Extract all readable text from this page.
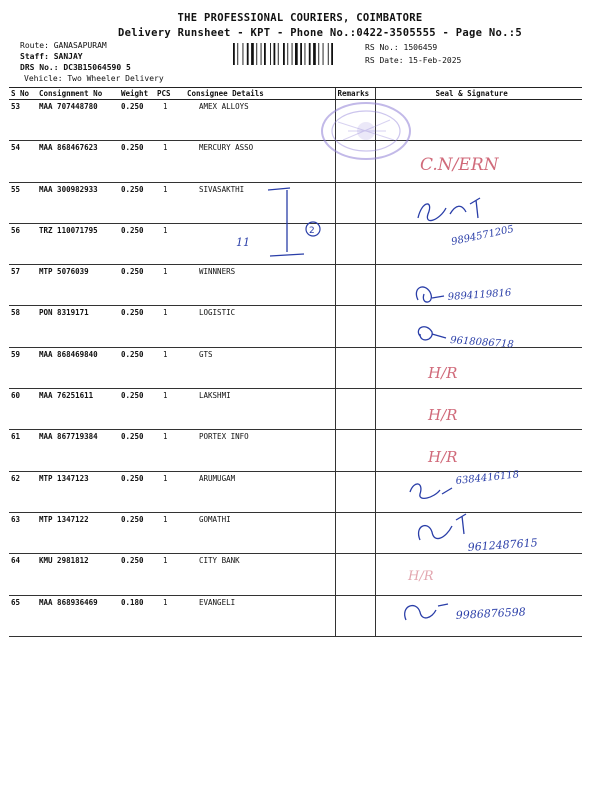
THE PROFESSIONAL COURIERS, COIMBATORE
Delivery Runsheet - KPT - Phone No.:0422-3505555 - Page No.:5
Route: GANASAPURAM
Staff: SANJAY
DRS No.: DC3B15064590 5
Vehicle: Two Wheeler Delivery
RS No.: 1506459
RS Date: 15-Feb-2025
S No	Consignment No	Weight	PCS	Consignee Details	Remarks	Seal & Signature
53	MAA 707448780	0.250	1	AMEX ALLOYS		
54	MAA 868467623	0.250	1	MERCURY ASSO		
55	MAA 300982933	0.250	1	SIVASAKTHI		
56	TRZ 110071795	0.250	1			
57	MTP 5076039	0.250	1	WINNNERS		
58	PON 8319171	0.250	1	LOGISTIC		
59	MAA 868469840	0.250	1	GTS		
60	MAA 76251611	0.250	1	LAKSHMI		
61	MAA 867719384	0.250	1	PORTEX INFO		
62	MTP 1347123	0.250	1	ARUMUGAM		
63	MTP 1347122	0.250	1	GOMATHI		
64	KMU 2981812	0.250	1	CITY BANK		
65	MAA 868936469	0.180	1	EVANGELI		
2
11
C.N/ERN
9894571205
9894119816
9618086718
H/R
H/R
H/R
6384416118
9612487615
H/R
9986876598
